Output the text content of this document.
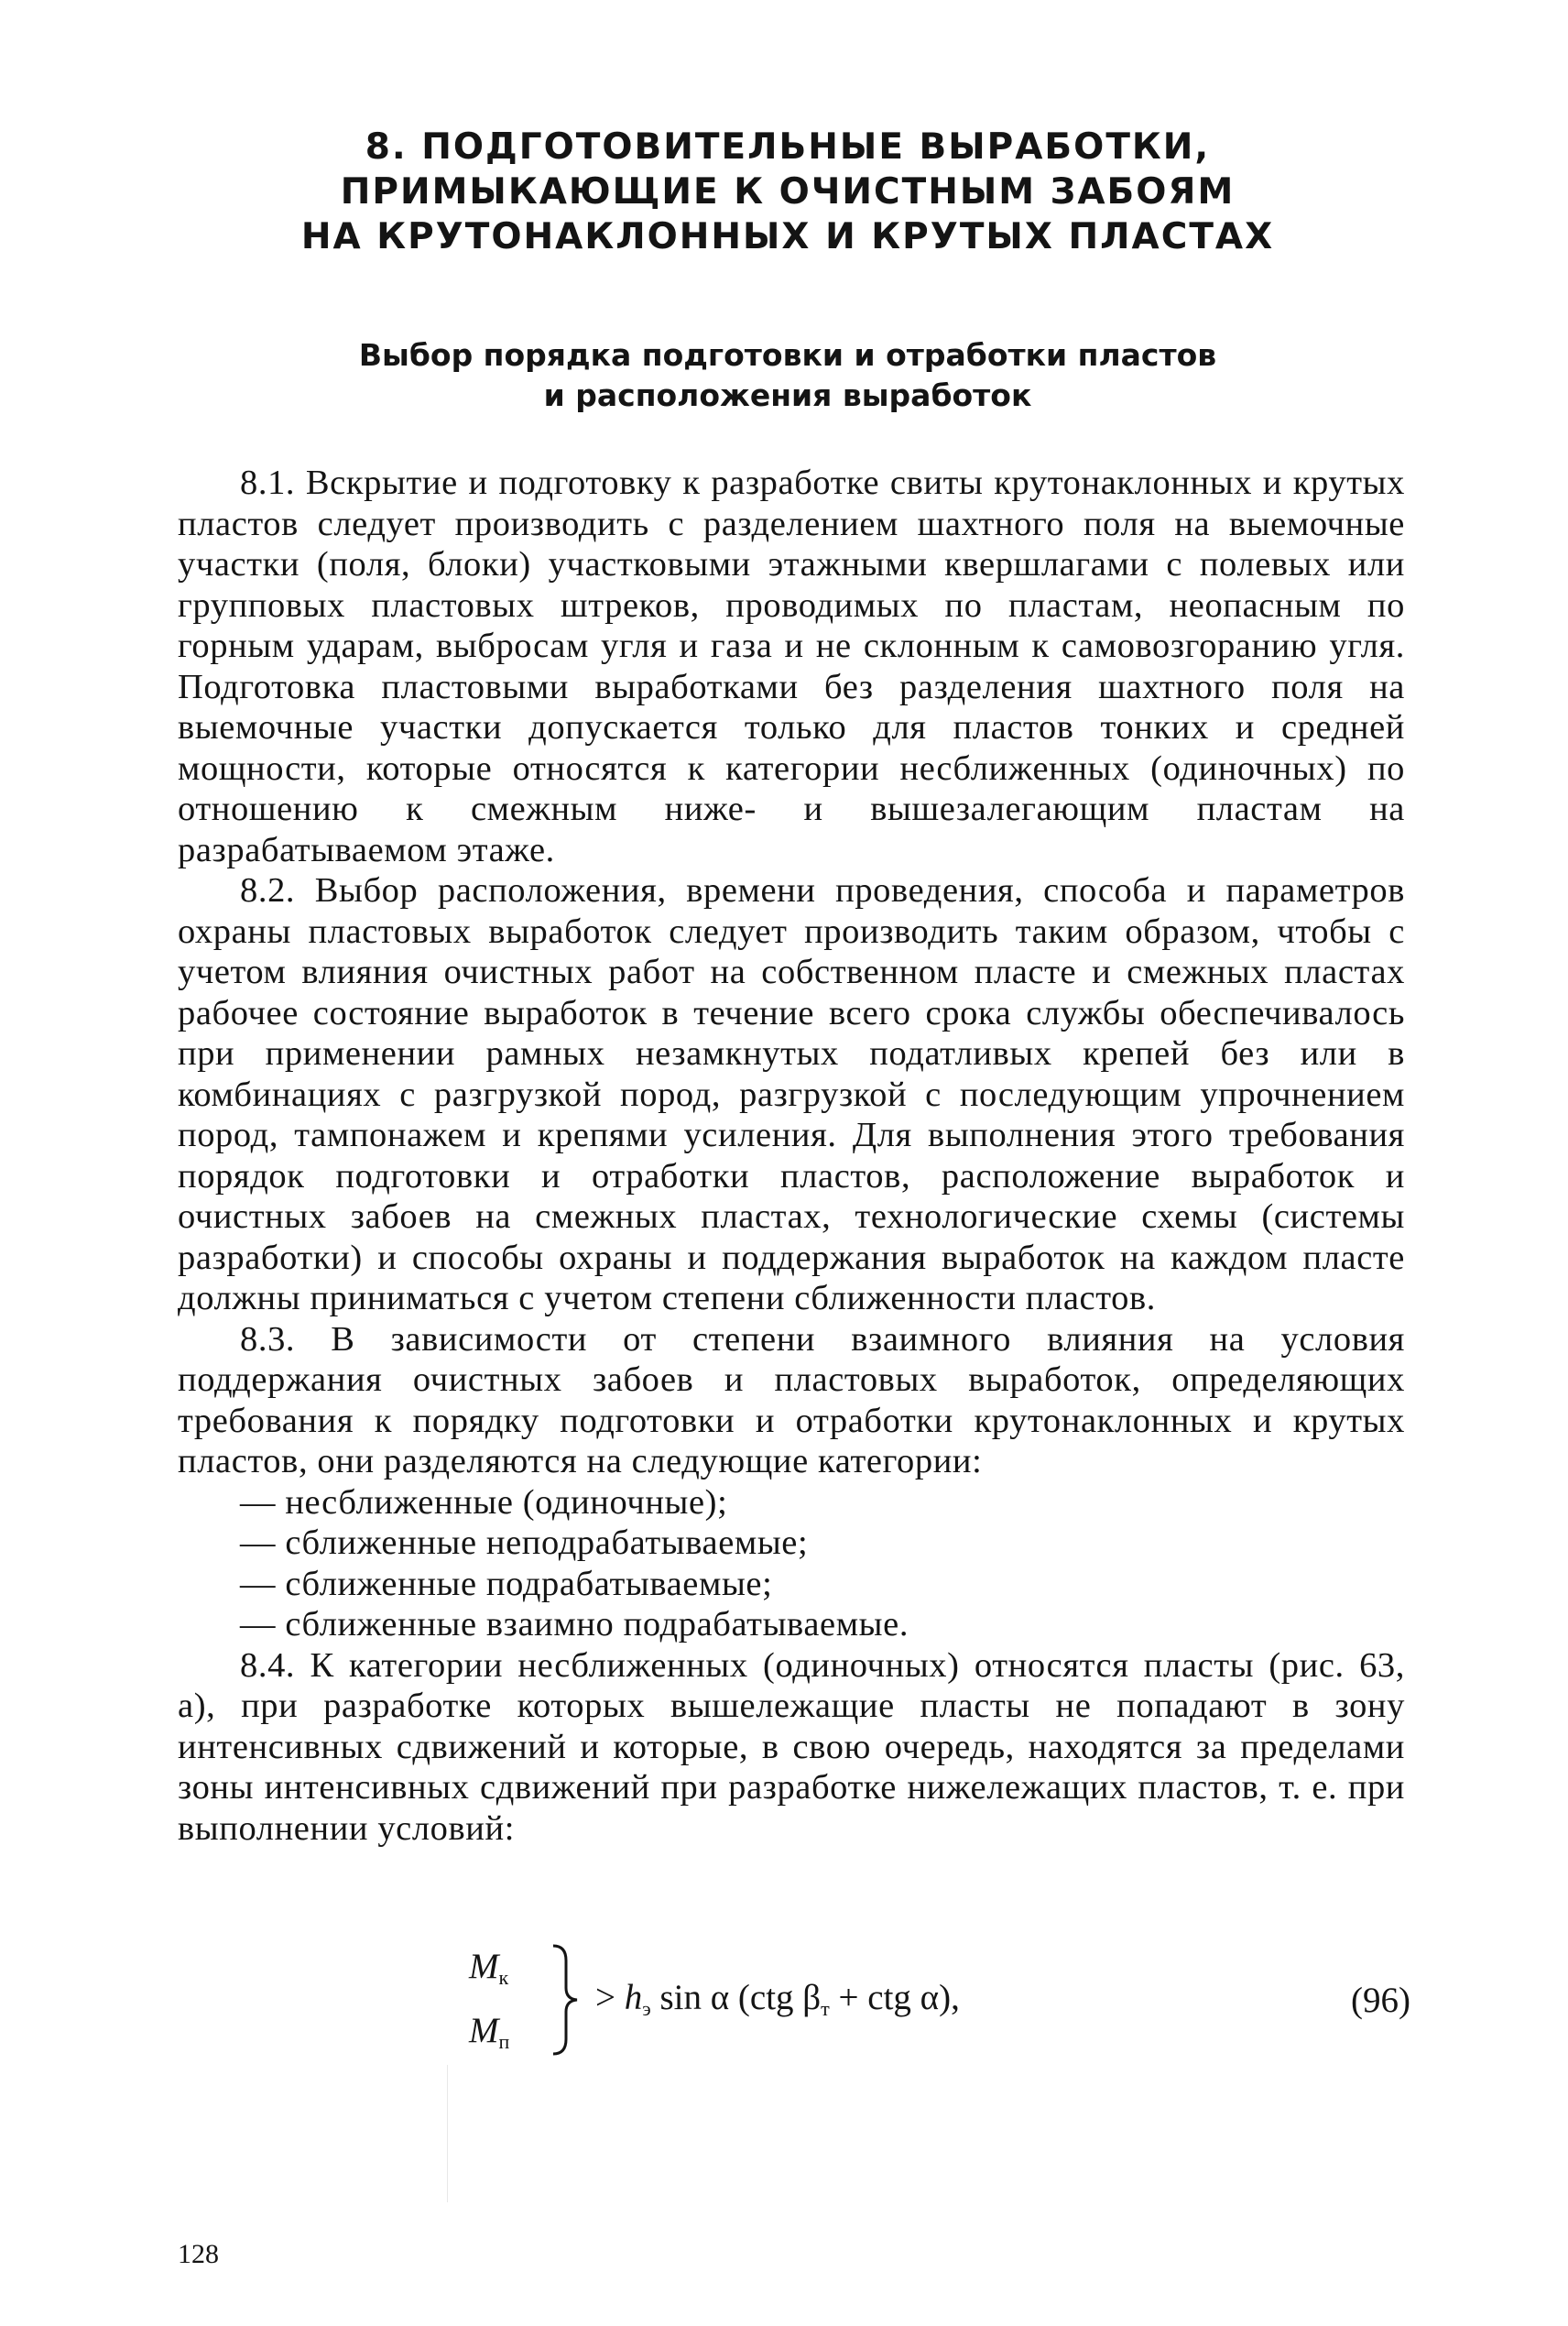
8. ПОДГОТОВИТЕЛЬНЫЕ ВЫРАБОТКИ,
ПРИМЫКАЮЩИЕ К ОЧИСТНЫМ ЗАБОЯМ
НА КРУТОНАКЛОННЫХ И КРУТЫХ ПЛАСТАХ
Выбор порядка подготовки и отработки пластов
и расположения выработок

8.1. Вскрытие и подготовку к разработке свиты крутонаклонных и крутых пластов следует производить с разделением шахтного поля на выемочные участки (поля, блоки) участковыми этажными квершлагами с полевых или групповых пластовых штреков, проводимых по пластам, неопасным по горным ударам, выбросам угля и газа и не склонным к самовозгоранию угля. Подготовка пластовыми выработками без разделения шахтного поля на выемочные участки допускается только для пластов тонких и средней мощности, которые относятся к категории несближенных (одиночных) по отношению к смежным ниже- и вышезалегающим пластам на разрабатываемом этаже.

8.2. Выбор расположения, времени проведения, способа и параметров охраны пластовых выработок следует производить таким образом, чтобы с учетом влияния очистных работ на собственном пласте и смежных пластах рабочее состояние выработок в течение всего срока службы обеспечивалось при применении рамных незамкнутых податливых крепей без или в комбинациях с разгрузкой пород, разгрузкой с последующим упрочнением пород, тампонажем и крепями усиления. Для выполнения этого требования порядок подготовки и отработки пластов, расположение выработок и очистных забоев на смежных пластах, технологические схемы (системы разработки) и способы охраны и поддержания выработок на каждом пласте должны приниматься с учетом степени сближенности пластов.

8.3. В зависимости от степени взаимного влияния на условия поддержания очистных забоев и пластовых выработок, определяющих требования к порядку подготовки и отработки крутонаклонных и крутых пластов, они разделяются на следующие категории:

— несближенные (одиночные);
— сближенные неподрабатываемые;
— сближенные подрабатываемые;
— сближенные взаимно подрабатываемые.

8.4. К категории несближенных (одиночных) относятся пласты (рис. 63, а), при разработке которых вышележащие пласты не попадают в зону интенсивных сдвижений и которые, в свою очередь, находятся за пределами зоны интенсивных сдвижений при разработке нижележащих пластов, т. е. при выполнении условий:

Mк
Mп
> hэ sin α (ctg βт + ctg α),	(96)
128
